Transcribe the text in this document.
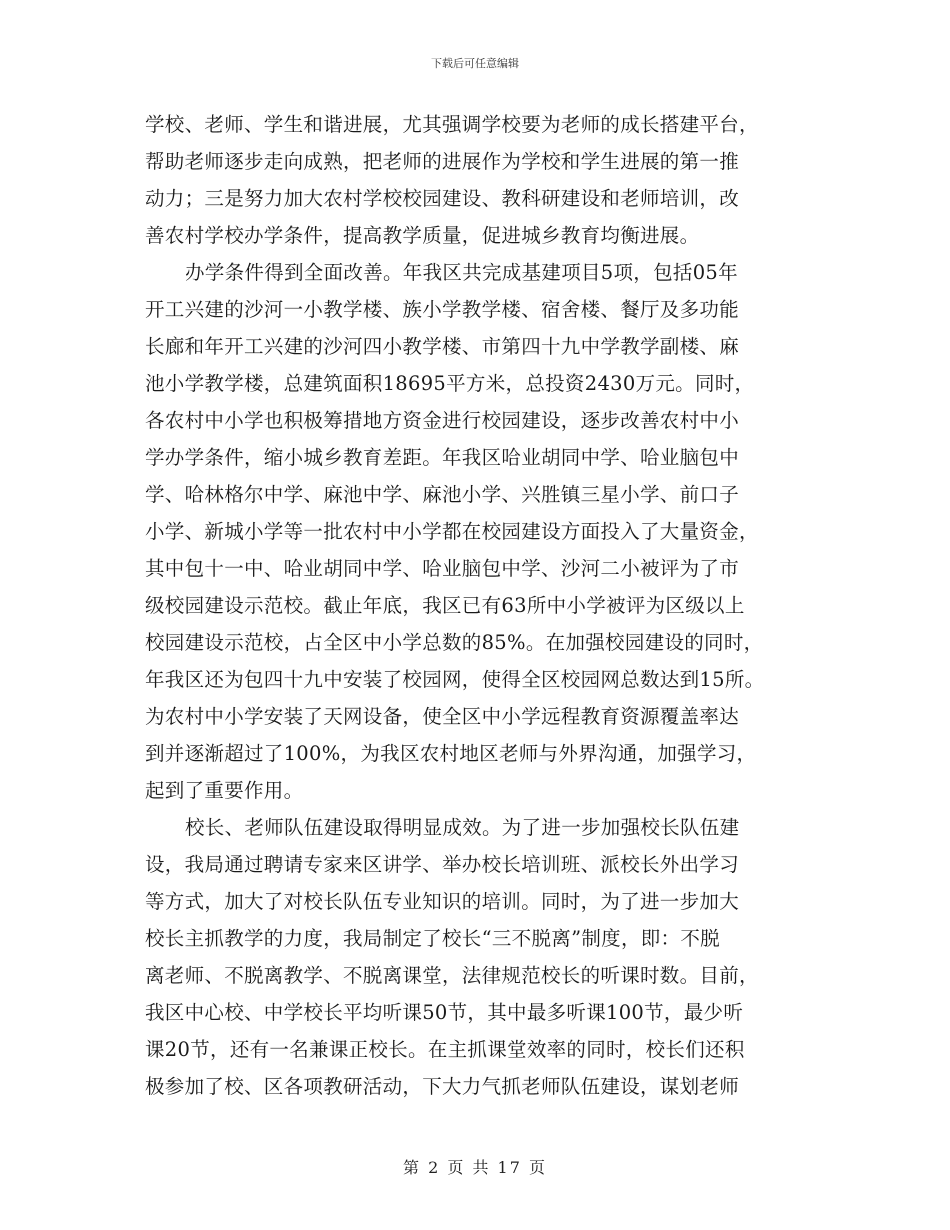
下载后可任意编辑
学校、老师、学生和谐进展，尤其强调学校要为老师的成长搭建平台，
帮助老师逐步走向成熟，把老师的进展作为学校和学生进展的第一推
动力；三是努力加大农村学校校园建设、教科研建设和老师培训，改
善农村学校办学条件，提高教学质量，促进城乡教育均衡进展。
办学条件得到全面改善。年我区共完成基建项目5项，包括05年
开工兴建的沙河一小教学楼、族小学教学楼、宿舍楼、餐厅及多功能
长廊和年开工兴建的沙河四小教学楼、市第四十九中学教学副楼、麻
池小学教学楼，总建筑面积18695平方米，总投资2430万元。同时，
各农村中小学也积极筹措地方资金进行校园建设，逐步改善农村中小
学办学条件，缩小城乡教育差距。年我区哈业胡同中学、哈业脑包中
学、哈林格尔中学、麻池中学、麻池小学、兴胜镇三星小学、前口子
小学、新城小学等一批农村中小学都在校园建设方面投入了大量资金，
其中包十一中、哈业胡同中学、哈业脑包中学、沙河二小被评为了市
级校园建设示范校。截止年底，我区已有63所中小学被评为区级以上
校园建设示范校，占全区中小学总数的85%。在加强校园建设的同时，
年我区还为包四十九中安装了校园网，使得全区校园网总数达到15所。
为农村中小学安装了天网设备，使全区中小学远程教育资源覆盖率达
到并逐渐超过了100%，为我区农村地区老师与外界沟通，加强学习，
起到了重要作用。
校长、老师队伍建设取得明显成效。为了进一步加强校长队伍建
设，我局通过聘请专家来区讲学、举办校长培训班、派校长外出学习
等方式，加大了对校长队伍专业知识的培训。同时，为了进一步加大
校长主抓教学的力度，我局制定了校长“三不脱离”制度，即：不脱
离老师、不脱离教学、不脱离课堂，法律规范校长的听课时数。目前，
我区中心校、中学校长平均听课50节，其中最多听课100节，最少听
课20节，还有一名兼课正校长。在主抓课堂效率的同时，校长们还积
极参加了校、区各项教研活动，下大力气抓老师队伍建设，谋划老师
第 2 页 共 17 页
